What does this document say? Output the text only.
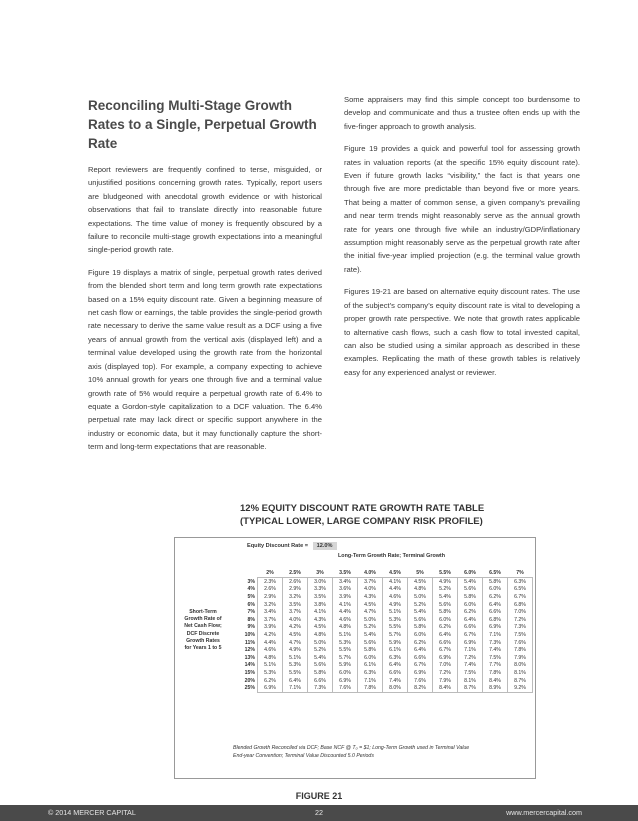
Reconciling Multi-Stage Growth Rates to a Single, Perpetual Growth Rate

Report reviewers are frequently confined to terse, misguided, or unjustified positions concerning growth rates. Typically, report users are bludgeoned with anecdotal growth evidence or with historical observations that fail to translate directly into reasonable future expectations. The time value of money is frequently obscured by a failure to reconcile multi-stage growth expectations into a meaningful single-period growth rate.

Figure 19 displays a matrix of single, perpetual growth rates derived from the blended short term and long term growth rate expectations based on a 15% equity discount rate. Given a beginning measure of net cash flow or earnings, the table provides the single-period growth rate necessary to derive the same value result as a DCF using a five years of annual growth from the vertical axis (displayed left) and a terminal value developed using the growth rate from the horizontal axis (displayed top). For example, a company expecting to achieve 10% annual growth for years one through five and a terminal value growth rate of 5% would require a perpetual growth rate of 6.4% to equate a Gordon-style capitalization to a DCF valuation. The 6.4% perpetual rate may lack direct or specific support anywhere in the industry or economic data, but it may functionally capture the short-term and long-term expectations that are reasonable.

Some appraisers may find this simple concept too burdensome to develop and communicate and thus a trustee often ends up with the five-finger approach to growth analysis.

Figure 19 provides a quick and powerful tool for assessing growth rates in valuation reports (at the specific 15% equity discount rate). Even if future growth lacks “visibility,” the fact is that years one through five are more predictable than beyond five or more years. That being a matter of common sense, a given company’s prevailing and near term trends might reasonably serve as the annual growth rate for years one through five while an industry/GDP/inflationary assumption might reasonably serve as the perpetual growth rate after the initial five-year implied projection (e.g. the terminal value growth rate).

Figures 19-21 are based on alternative equity discount rates. The use of the subject’s company’s equity discount rate is vital to developing a proper growth rate perspective. We note that growth rates applicable to alternative cash flows, such a cash flow to total invested capital, can also be studied using a similar approach as described in these examples. Replicating the math of these growth tables is relatively easy for any experienced analyst or reviewer.

12% EQUITY DISCOUNT RATE GROWTH RATE TABLE
(TYPICAL LOWER, LARGE COMPANY RISK PROFILE)
Equity Discount Rate = 12.0%
Long-Term Growth Rate; Terminal Growth
Short-Term
Growth Rate of
Net Cash Flow;
DCF Discrete
Growth Rates
for Years 1 to 5
	2%	2.5%	3%	3.5%	4.0%	4.5%	5%	5.5%	6.0%	6.5%	7%
3%	2.3%	2.6%	3.0%	3.4%	3.7%	4.1%	4.5%	4.9%	5.4%	5.8%	6.3%
4%	2.6%	2.9%	3.3%	3.6%	4.0%	4.4%	4.8%	5.2%	5.6%	6.0%	6.5%
5%	2.9%	3.2%	3.5%	3.9%	4.3%	4.6%	5.0%	5.4%	5.8%	6.2%	6.7%
6%	3.2%	3.5%	3.8%	4.1%	4.5%	4.9%	5.2%	5.6%	6.0%	6.4%	6.8%
7%	3.4%	3.7%	4.1%	4.4%	4.7%	5.1%	5.4%	5.8%	6.2%	6.6%	7.0%
8%	3.7%	4.0%	4.3%	4.6%	5.0%	5.3%	5.6%	6.0%	6.4%	6.8%	7.2%
9%	3.9%	4.2%	4.5%	4.8%	5.2%	5.5%	5.8%	6.2%	6.6%	6.9%	7.3%
10%	4.2%	4.5%	4.8%	5.1%	5.4%	5.7%	6.0%	6.4%	6.7%	7.1%	7.5%
11%	4.4%	4.7%	5.0%	5.3%	5.6%	5.9%	6.2%	6.6%	6.9%	7.3%	7.6%
12%	4.6%	4.9%	5.2%	5.5%	5.8%	6.1%	6.4%	6.7%	7.1%	7.4%	7.8%
13%	4.8%	5.1%	5.4%	5.7%	6.0%	6.3%	6.6%	6.9%	7.2%	7.5%	7.9%
14%	5.1%	5.3%	5.6%	5.9%	6.1%	6.4%	6.7%	7.0%	7.4%	7.7%	8.0%
15%	5.3%	5.5%	5.8%	6.0%	6.3%	6.6%	6.9%	7.2%	7.5%	7.8%	8.1%
20%	6.2%	6.4%	6.6%	6.9%	7.1%	7.4%	7.6%	7.9%	8.1%	8.4%	8.7%
25%	6.9%	7.1%	7.3%	7.6%	7.8%	8.0%	8.2%	8.4%	8.7%	8.9%	9.2%
Blended Growth Reconciled via DCF; Base NCF @ T₀ = $1; Long-Term Growth used in Terminal Value
End-year Convention; Terminal Value Discounted 5.0 Periods
FIGURE 21
© 2014 MERCER CAPITAL	22	www.mercercapital.com
